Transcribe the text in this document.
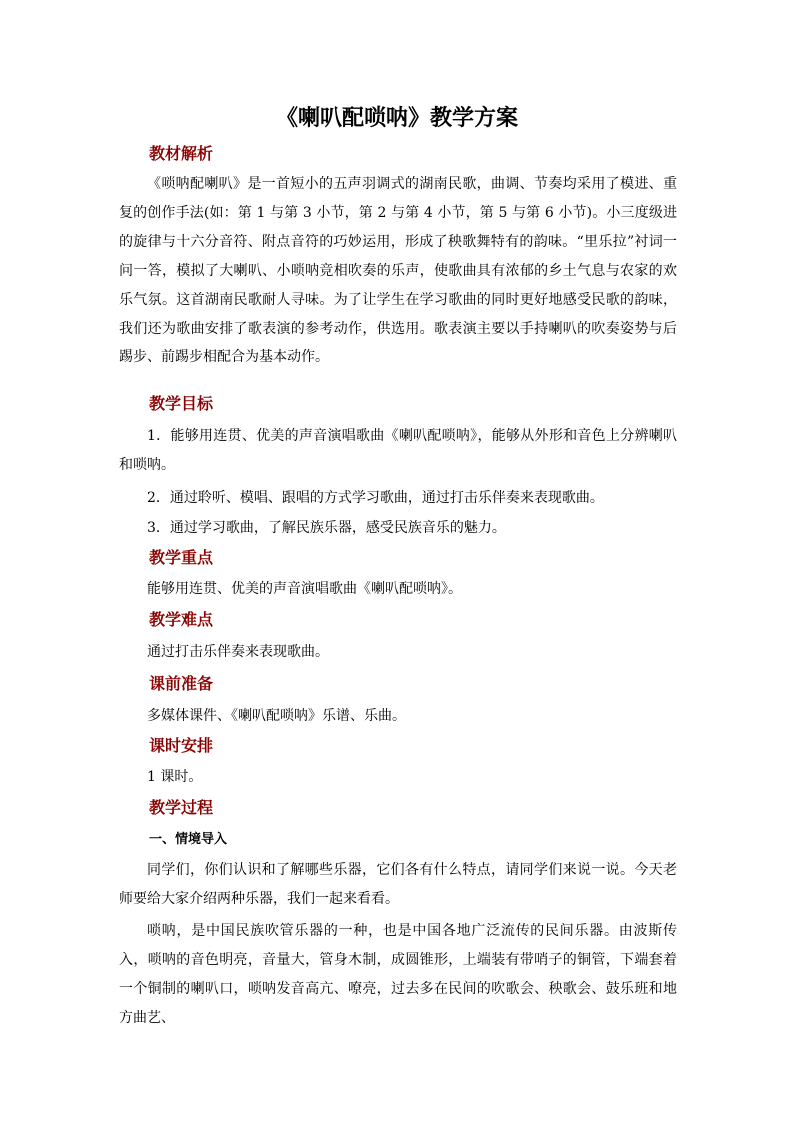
《喇叭配唢呐》教学方案
教材解析

《唢呐配喇叭》是一首短小的五声羽调式的湖南民歌，曲调、节奏均采用了模进、重复的创作手法(如：第 1 与第 3 小节，第 2 与第 4 小节，第 5 与第 6 小节)。小三度级进的旋律与十六分音符、附点音符的巧妙运用，形成了秧歌舞特有的韵味。“里乐拉”衬词一问一答，模拟了大喇叭、小唢呐竞相吹奏的乐声，使歌曲具有浓郁的乡土气息与农家的欢乐气氛。这首湖南民歌耐人寻味。为了让学生在学习歌曲的同时更好地感受民歌的韵味，我们还为歌曲安排了歌表演的参考动作，供选用。歌表演主要以手持喇叭的吹奏姿势与后踢步、前踢步相配合为基本动作。

教学目标

1．能够用连贯、优美的声音演唱歌曲《喇叭配唢呐》，能够从外形和音色上分辨喇叭和唢呐。

2．通过聆听、模唱、跟唱的方式学习歌曲，通过打击乐伴奏来表现歌曲。

3．通过学习歌曲，了解民族乐器，感受民族音乐的魅力。

教学重点
能够用连贯、优美的声音演唱歌曲《喇叭配唢呐》。
教学难点
通过打击乐伴奏来表现歌曲。
课前准备
多媒体课件、《喇叭配唢呐》乐谱、乐曲。
课时安排
1 课时。
教学过程
一、情境导入

同学们，你们认识和了解哪些乐器，它们各有什么特点，请同学们来说一说。今天老师要给大家介绍两种乐器，我们一起来看看。

唢呐，是中国民族吹管乐器的一种，也是中国各地广泛流传的民间乐器。由波斯传入，唢呐的音色明亮，音量大，管身木制，成圆锥形，上端装有带哨子的铜管，下端套着一个铜制的喇叭口，唢呐发音高亢、嘹亮，过去多在民间的吹歌会、秧歌会、鼓乐班和地方曲艺、
